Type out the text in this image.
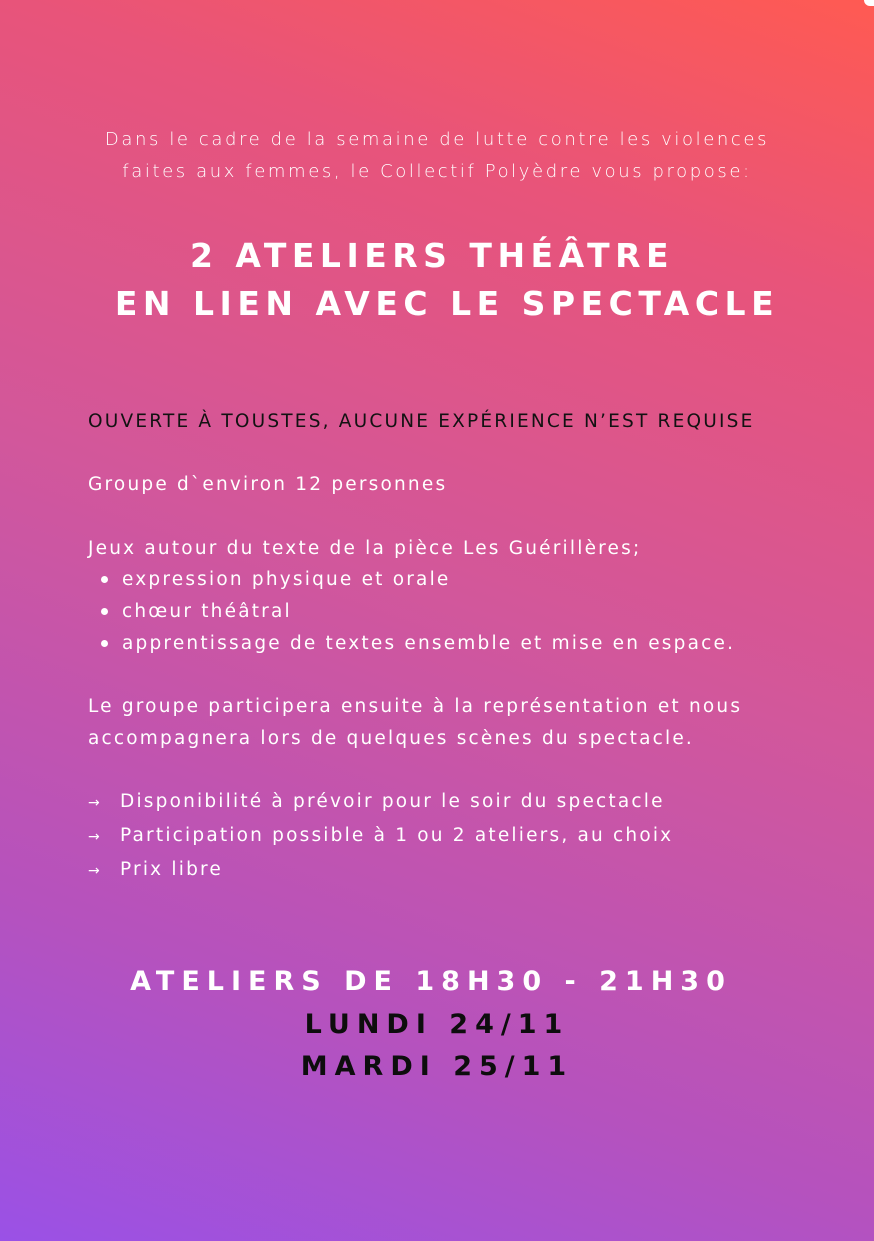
Dans le cadre de la semaine de lutte contre les violences
faites aux femmes, le Collectif Polyèdre vous propose:
2 ATELIERS THÉÂTRE
EN LIEN AVEC LE SPECTACLE
OUVERTE À TOUSTES, AUCUNE EXPÉRIENCE N’EST REQUISE
Groupe d`environ 12 personnes
Jeux autour du texte de la pièce Les Guérillères;
expression physique et orale
chœur théâtral
apprentissage de textes ensemble et mise en espace.
Le groupe participera ensuite à la représentation et nous
accompagnera lors de quelques scènes du spectacle.
→ Disponibilité à prévoir pour le soir du spectacle
→ Participation possible à 1 ou 2 ateliers, au choix
→ Prix libre
ATELIERS DE 18H30 - 21H30
LUNDI 24/11
MARDI 25/11
